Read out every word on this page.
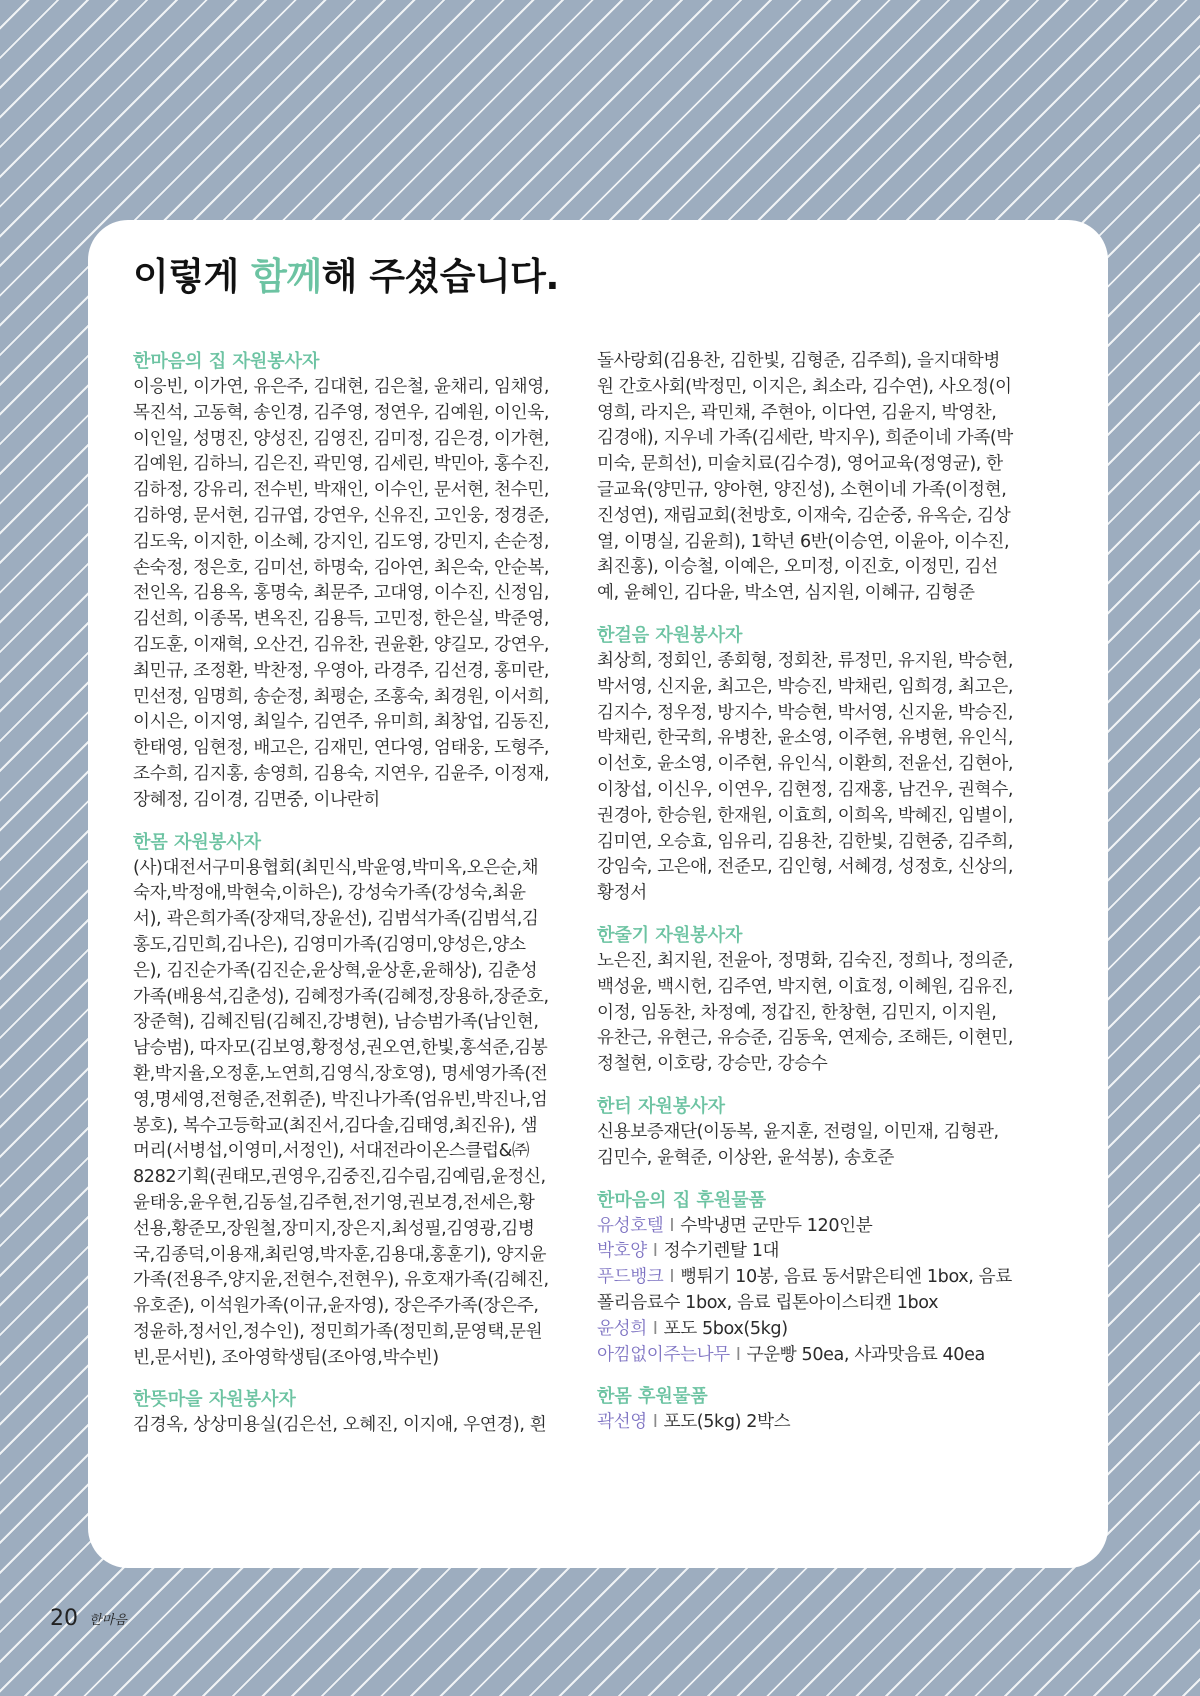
이렇게 함께해 주셨습니다.
한마음의 집 자원봉사자
이응빈, 이가연, 유은주, 김대현, 김은철, 윤채리, 임채영,
목진석, 고동혁, 송인경, 김주영, 정연우, 김예원, 이인욱,
이인일, 성명진, 양성진, 김영진, 김미정, 김은경, 이가현,
김예원, 김하늬, 김은진, 곽민영, 김세린, 박민아, 홍수진,
김하정, 강유리, 전수빈, 박재인, 이수인, 문서현, 천수민,
김하영, 문서현, 김규엽, 강연우, 신유진, 고인웅, 정경준,
김도욱, 이지한, 이소혜, 강지인, 김도영, 강민지, 손순정,
손숙정, 정은호, 김미선, 하명숙, 김아연, 최은숙, 안순복,
전인옥, 김용옥, 홍명숙, 최문주, 고대영, 이수진, 신정임,
김선희, 이종목, 변옥진, 김용득, 고민정, 한은실, 박준영,
김도훈, 이재혁, 오산건, 김유찬, 권윤환, 양길모, 강연우,
최민규, 조정환, 박찬정, 우영아, 라경주, 김선경, 홍미란,
민선정, 임명희, 송순정, 최평순, 조홍숙, 최경원, 이서희,
이시은, 이지영, 최일수, 김연주, 유미희, 최창업, 김동진,
한태영, 임현정, 배고은, 김재민, 연다영, 엄태웅, 도형주,
조수희, 김지홍, 송영희, 김용숙, 지연우, 김윤주, 이정재,
장혜정, 김이경, 김면중, 이나란히
한몸 자원봉사자
(사)대전서구미용협회(최민식,박윤영,박미옥,오은순,채
숙자,박정애,박현숙,이하은), 강성숙가족(강성숙,최윤
서), 곽은희가족(장재덕,장윤선), 김범석가족(김범석,김
홍도,김민희,김나은), 김영미가족(김영미,양성은,양소
은), 김진순가족(김진순,윤상혁,윤상훈,윤해상), 김춘성
가족(배용석,김춘성), 김혜정가족(김혜정,장용하,장준호,
장준혁), 김혜진팀(김혜진,강병현), 남승범가족(남인현,
남승범), 따자모(김보영,황정성,권오연,한빛,홍석준,김봉
환,박지율,오정훈,노연희,김영식,장호영), 명세영가족(전
영,명세영,전형준,전휘준), 박진나가족(엄유빈,박진나,엄
봉호), 복수고등학교(최진서,김다솔,김태영,최진유), 샘
머리(서병섭,이영미,서정인), 서대전라이온스클럽&㈜
8282기획(권태모,권영우,김중진,김수림,김예림,윤정신,
윤태웅,윤우현,김동설,김주현,전기영,권보경,전세은,황
선용,황준모,장원철,장미지,장은지,최성필,김영광,김병
국,김종덕,이용재,최린영,박자훈,김용대,홍훈기), 양지윤
가족(전용주,양지윤,전현수,전현우), 유호재가족(김혜진,
유호준), 이석원가족(이규,윤자영), 장은주가족(장은주,
정윤하,정서인,정수인), 정민희가족(정민희,문영택,문원
빈,문서빈), 조아영학생팀(조아영,박수빈)
한뜻마을 자원봉사자
김경옥, 상상미용실(김은선, 오혜진, 이지애, 우연경), 흰
돌사랑회(김용찬, 김한빛, 김형준, 김주희), 을지대학병
원 간호사회(박정민, 이지은, 최소라, 김수연), 사오정(이
영희, 라지은, 곽민채, 주현아, 이다연, 김윤지, 박영찬,
김경애), 지우네 가족(김세란, 박지우), 희준이네 가족(박
미숙, 문희선), 미술치료(김수경), 영어교육(정영균), 한
글교육(양민규, 양아현, 양진성), 소현이네 가족(이정현,
진성연), 재림교회(천방호, 이재숙, 김순중, 유옥순, 김상
열, 이명실, 김윤희), 1학년 6반(이승연, 이윤아, 이수진,
최진홍), 이승철, 이예은, 오미정, 이진호, 이정민, 김선
예, 윤혜인, 김다윤, 박소연, 심지원, 이혜규, 김형준
한걸음 자원봉사자
최상희, 정회인, 종회형, 정회찬, 류정민, 유지원, 박승현,
박서영, 신지윤, 최고은, 박승진, 박채린, 임희경, 최고은,
김지수, 정우정, 방지수, 박승현, 박서영, 신지윤, 박승진,
박채린, 한국희, 유병찬, 윤소영, 이주현, 유병현, 유인식,
이선호, 윤소영, 이주현, 유인식, 이환희, 전윤선, 김현아,
이창섭, 이신우, 이연우, 김현정, 김재홍, 남건우, 권혁수,
권경아, 한승원, 한재원, 이효희, 이희옥, 박혜진, 임별이,
김미연, 오승효, 임유리, 김용찬, 김한빛, 김현중, 김주희,
강임숙, 고은애, 전준모, 김인형, 서혜경, 성정호, 신상의,
황정서
한줄기 자원봉사자
노은진, 최지원, 전윤아, 정명화, 김숙진, 정희나, 정의준,
백성윤, 백시헌, 김주연, 박지현, 이효정, 이혜원, 김유진,
이정, 임동찬, 차정예, 정갑진, 한창현, 김민지, 이지원,
유찬근, 유현근, 유승준, 김동욱, 연제승, 조해든, 이현민,
정철현, 이호랑, 강승만, 강승수
한터 자원봉사자
신용보증재단(이동복, 윤지훈, 전령일, 이민재, 김형관,
김민수, 윤혁준, 이상완, 윤석봉), 송호준
한마음의 집 후원물품
유성호텔 I 수박냉면 군만두 120인분
박호양 I 정수기렌탈 1대
푸드뱅크 I 뻥튀기 10봉, 음료 동서맑은티엔 1box, 음료
폴리음료수 1box, 음료 립톤아이스티캔 1box
윤성희 I 포도 5box(5kg)
아낌없이주는나무 I 구운빵 50ea, 사과맛음료 40ea
한몸 후원물품
곽선영 I 포도(5kg) 2박스
20 한마음
